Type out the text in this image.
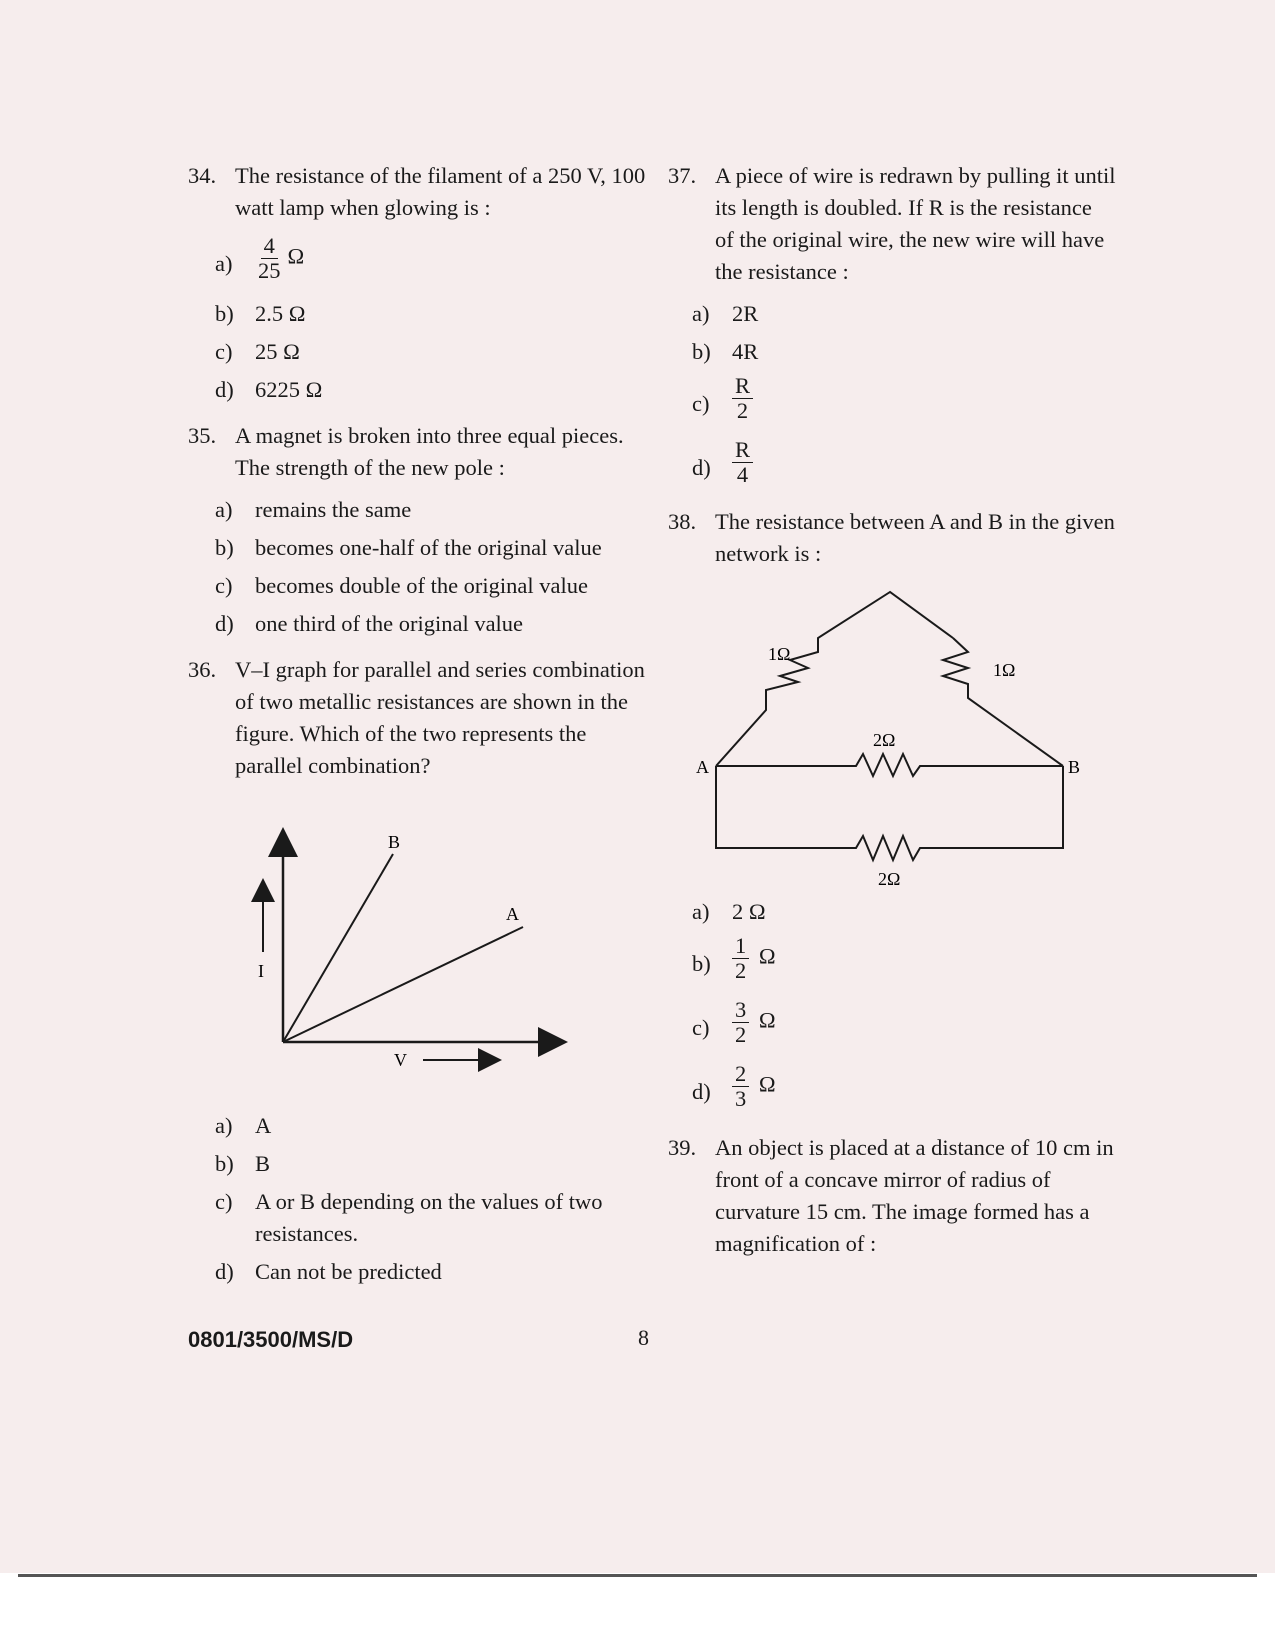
34. The resistance of the filament of a 250 V, 100 watt lamp when glowing is :
$a) \frac{4}{25}$ Ω
b) 2.5 Ω
c) 25 Ω
d) 6225 Ω
35. A magnet is broken into three equal pieces. The strength of the new pole :
a) remains the same
b) becomes one-half of the original value
c) becomes double of the original value
d) one third of the original value
36. V–I graph for parallel and series combination of two metallic resistances are shown in the figure. Which of the two represents the parallel combination?
B
A
I
V
a) A
b) B
c) A or B depending on the values of two resistances.
d) Can not be predicted
37. A piece of wire is redrawn by pulling it until its length is doubled. If R is the resistance of the original wire, the new wire will have the resistance :
a) 2R
b) 4R
$c) \frac{R}{2}$
$d) \frac{R}{4}$
38. The resistance between A and B in the given network is :
1Ω
1Ω
2Ω
2Ω
A	B
a) 2 Ω
$b) \frac{1}{2}$ Ω
$c) \frac{3}{2}$ Ω
$d) \frac{2}{3}$ Ω
39. An object is placed at a distance of 10 cm in front of a concave mirror of radius of curvature 15 cm. The image formed has a magnification of :
0801/3500/MS/D	8
